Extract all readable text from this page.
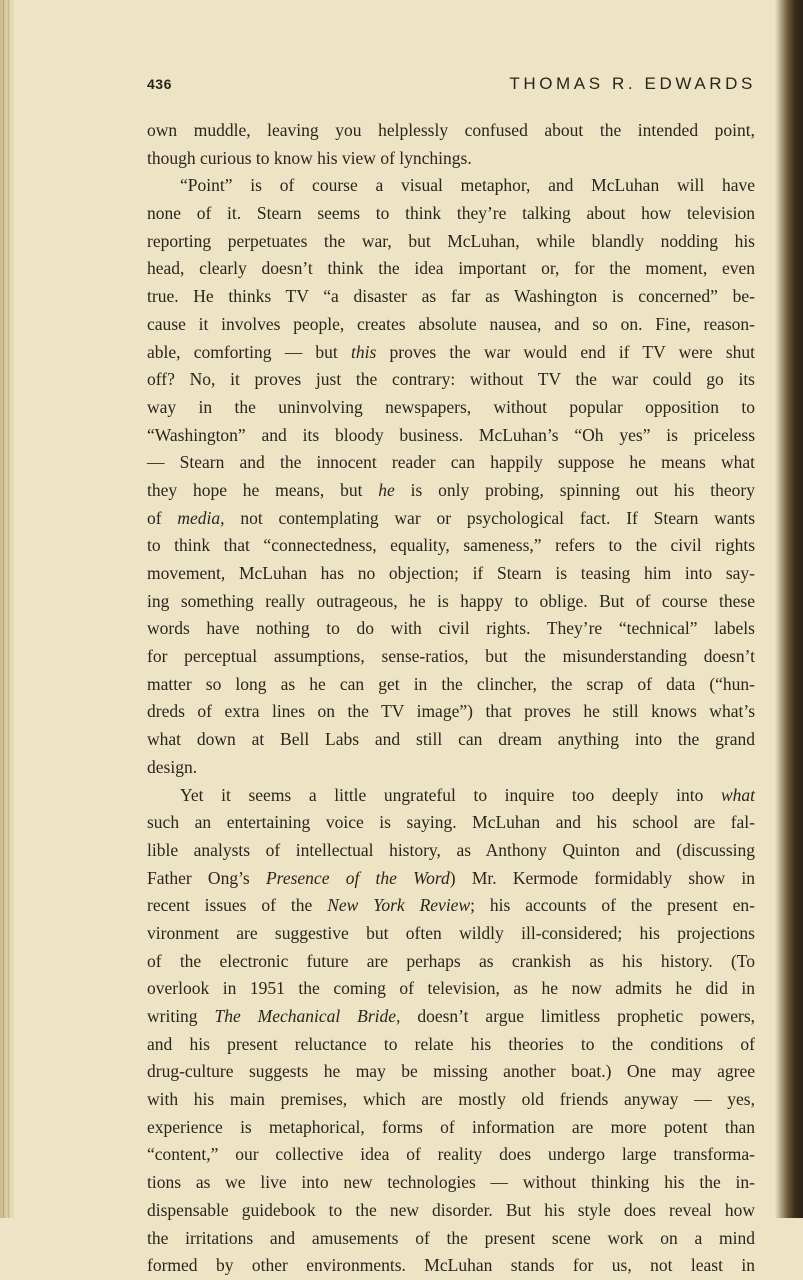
436	THOMAS R. EDWARDS
own muddle, leaving you helplessly confused about the intended point,
though curious to know his view of lynchings.
“Point” is of course a visual metaphor, and McLuhan will have
none of it. Stearn seems to think they’re talking about how television
reporting perpetuates the war, but McLuhan, while blandly nodding his
head, clearly doesn’t think the idea important or, for the moment, even
true. He thinks TV “a disaster as far as Washington is concerned” be-
cause it involves people, creates absolute nausea, and so on. Fine, reason-
able, comforting — but this proves the war would end if TV were shut
off? No, it proves just the contrary: without TV the war could go its
way in the uninvolving newspapers, without popular opposition to
“Washington” and its bloody business. McLuhan’s “Oh yes” is priceless
— Stearn and the innocent reader can happily suppose he means what
they hope he means, but he is only probing, spinning out his theory
of media, not contemplating war or psychological fact. If Stearn wants
to think that “connectedness, equality, sameness,” refers to the civil rights
movement, McLuhan has no objection; if Stearn is teasing him into say-
ing something really outrageous, he is happy to oblige. But of course these
words have nothing to do with civil rights. They’re “technical” labels
for perceptual assumptions, sense-ratios, but the misunderstanding doesn’t
matter so long as he can get in the clincher, the scrap of data (“hun-
dreds of extra lines on the TV image”) that proves he still knows what’s
what down at Bell Labs and still can dream anything into the grand
design.
Yet it seems a little ungrateful to inquire too deeply into what
such an entertaining voice is saying. McLuhan and his school are fal-
lible analysts of intellectual history, as Anthony Quinton and (discussing
Father Ong’s Presence of the Word) Mr. Kermode formidably show in
recent issues of the New York Review; his accounts of the present en-
vironment are suggestive but often wildly ill-considered; his projections
of the electronic future are perhaps as crankish as his history. (To
overlook in 1951 the coming of television, as he now admits he did in
writing The Mechanical Bride, doesn’t argue limitless prophetic powers,
and his present reluctance to relate his theories to the conditions of
drug-culture suggests he may be missing another boat.) One may agree
with his main premises, which are mostly old friends anyway — yes,
experience is metaphorical, forms of information are more potent than
“content,” our collective idea of reality does undergo large transforma-
tions as we live into new technologies — without thinking his the in-
dispensable guidebook to the new disorder. But his style does reveal how
the irritations and amusements of the present scene work on a mind
formed by other environments. McLuhan stands for us, not least in
